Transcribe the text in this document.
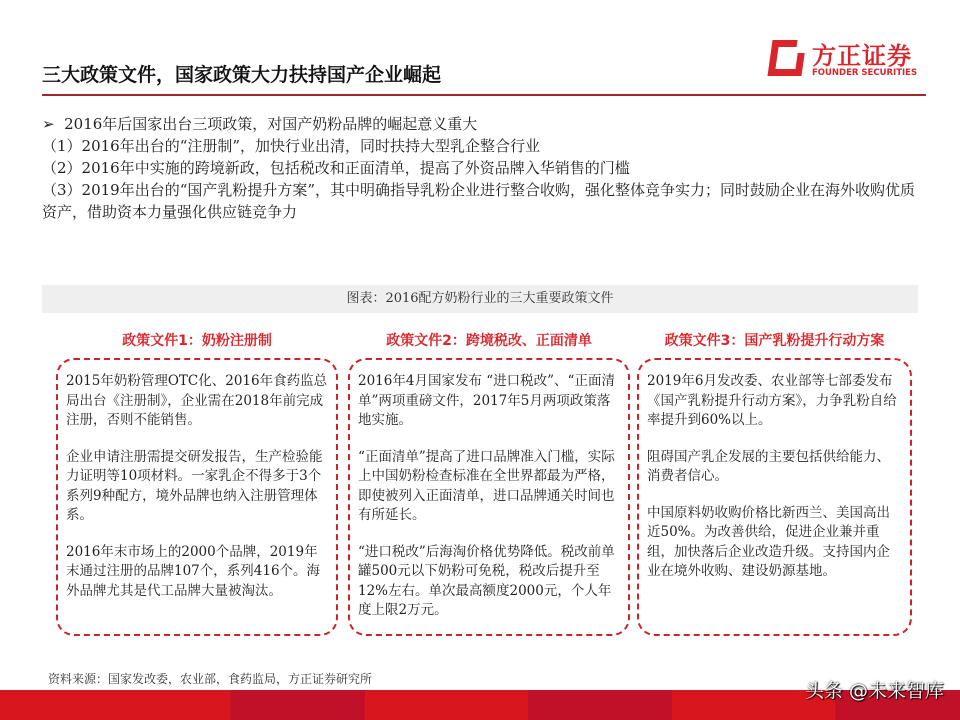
三大政策文件，国家政策大力扶持国产企业崛起
方正证券
FOUNDER SECURITIES
➢ 2016年后国家出台三项政策，对国产奶粉品牌的崛起意义重大
（1）2016年出台的“注册制”，加快行业出清，同时扶持大型乳企整合行业
（2）2016年中实施的跨境新政，包括税改和正面清单，提高了外资品牌入华销售的门槛
（3）2019年出台的“国产乳粉提升方案”，其中明确指导乳粉企业进行整合收购，强化整体竞争实力；同时鼓励企业在海外收购优质资产，借助资本力量强化供应链竞争力
图表：2016配方奶粉行业的三大重要政策文件
政策文件1：奶粉注册制

2015年奶粉管理OTC化、2016年食药监总局出台《注册制》，企业需在2018年前完成注册，否则不能销售。

企业申请注册需提交研发报告，生产检验能力证明等10项材料。一家乳企不得多于3个系列9种配方，境外品牌也纳入注册管理体系。

2016年末市场上的2000个品牌，2019年末通过注册的品牌107个，系列416个。海外品牌尤其是代工品牌大量被淘汰。

政策文件2：跨境税改、正面清单

2016年4月国家发布 “进口税改”、“正面清单”两项重磅文件，2017年5月两项政策落地实施。

“正面清单”提高了进口品牌准入门槛，实际上中国奶粉检查标准在全世界都最为严格，即使被列入正面清单，进口品牌通关时间也有所延长。

“进口税改”后海淘价格优势降低。税改前单罐500元以下奶粉可免税，税改后提升至12%左右。单次最高额度2000元，个人年度上限2万元。

政策文件3：国产乳粉提升行动方案

2019年6月发改委、农业部等七部委发布《国产乳粉提升行动方案》，力争乳粉自给率提升到60%以上。

阻碍国产乳企发展的主要包括供给能力、消费者信心。

中国原料奶收购价格比新西兰、美国高出近50%。为改善供给，促进企业兼并重组，加快落后企业改造升级。支持国内企业在境外收购、建设奶源基地。

资料来源：国家发改委，农业部，食药监局，方正证券研究所
头条 @未来智库
